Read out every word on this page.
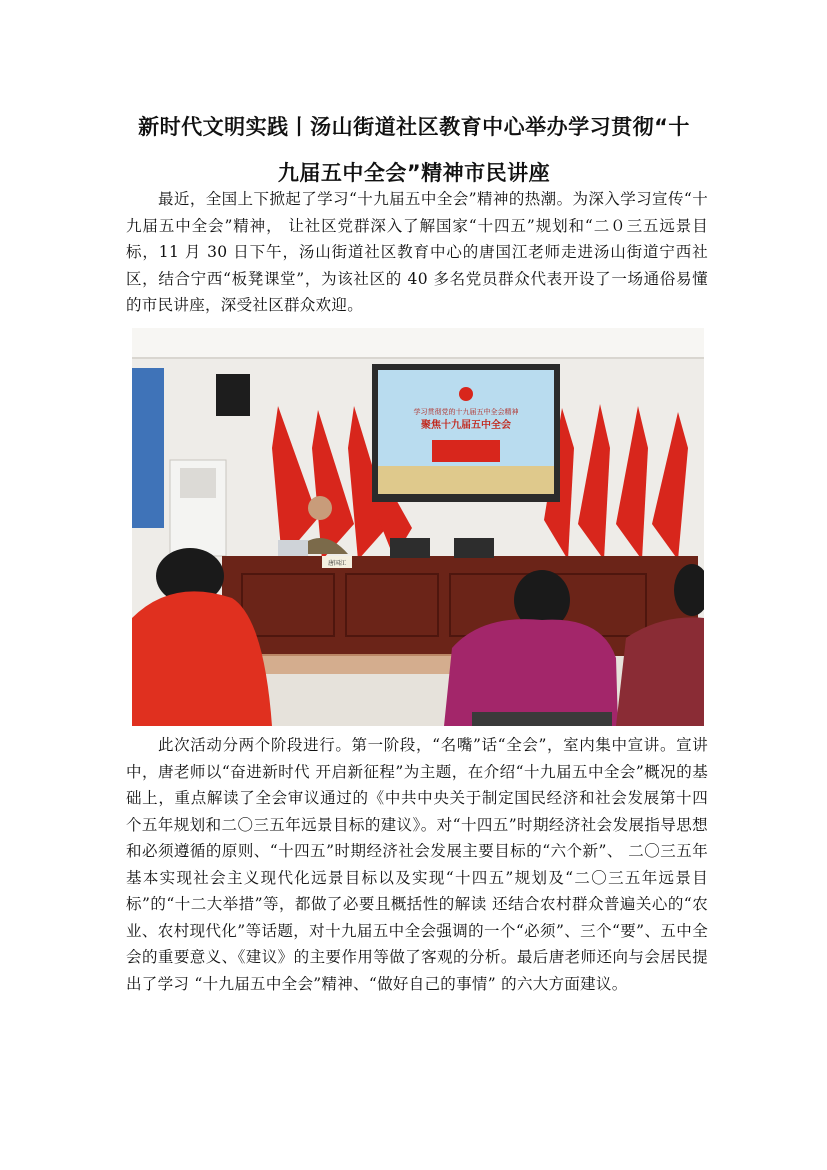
新时代文明实践丨汤山街道社区教育中心举办学习贯彻“十
九届五中全会”精神市民讲座

最近，全国上下掀起了学习“十九届五中全会”精神的热潮。为深入学习宣传“十九届五中全会”精神， 让社区党群深入了解国家“十四五”规划和“二０三五远景目标，11 月 30 日下午，汤山街道社区教育中心的唐国江老师走进汤山街道宁西社区，结合宁西“板凳课堂”，为该社区的 40 多名党员群众代表开设了一场通俗易懂的市民讲座，深受社区群众欢迎。

学习贯彻党的十九届五中全会精神
聚焦十九届五中全会
唐国江

此次活动分两个阶段进行。第一阶段，“名嘴”话“全会”，室内集中宣讲。宣讲中，唐老师以“奋进新时代 开启新征程”为主题，在介绍“十九届五中全会”概况的基础上，重点解读了全会审议通过的《中共中央关于制定国民经济和社会发展第十四个五年规划和二〇三五年远景目标的建议》。对“十四五”时期经济社会发展指导思想和必须遵循的原则、“十四五”时期经济社会发展主要目标的“六个新”、 二〇三五年基本实现社会主义现代化远景目标以及实现“十四五”规划及“二〇三五年远景目标”的“十二大举措”等，都做了必要且概括性的解读 还结合农村群众普遍关心的“农业、农村现代化”等话题，对十九届五中全会强调的一个“必须”、三个“要”、五中全会的重要意义、《建议》的主要作用等做了客观的分析。最后唐老师还向与会居民提出了学习 “十九届五中全会”精神、“做好自己的事情” 的六大方面建议。
